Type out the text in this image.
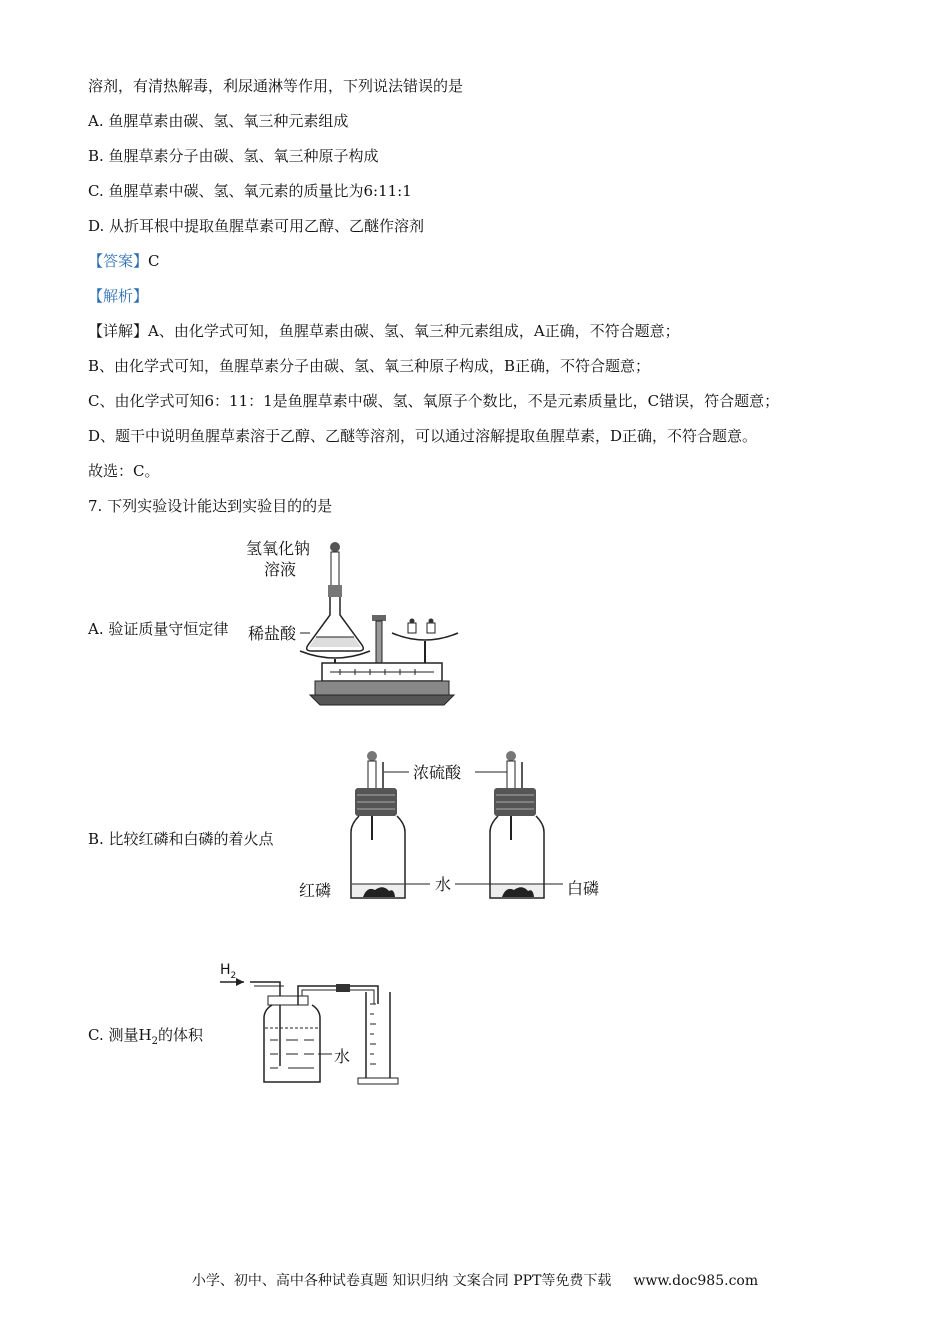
溶剂，有清热解毒，利尿通淋等作用，下列说法错误的是
A. 鱼腥草素由碳、氢、氧三种元素组成
B. 鱼腥草素分子由碳、氢、氧三种原子构成
C. 鱼腥草素中碳、氢、氧元素的质量比为6:11:1
D. 从折耳根中提取鱼腥草素可用乙醇、乙醚作溶剂
【答案】C
【解析】
【详解】A、由化学式可知，鱼腥草素由碳、氢、氧三种元素组成，A正确，不符合题意；
B、由化学式可知，鱼腥草素分子由碳、氢、氧三种原子构成，B正确，不符合题意；
C、由化学式可知6：11：1是鱼腥草素中碳、氢、氧原子个数比，不是元素质量比，C错误，符合题意；
D、题干中说明鱼腥草素溶于乙醇、乙醚等溶剂，可以通过溶解提取鱼腥草素，D正确，不符合题意。
故选：C。
7. 下列实验设计能达到实验目的的是
A. 验证质量守恒定律
氢氧化钠
溶液
稀盐酸
B. 比较红磷和白磷的着火点
浓硫酸
红磷	水	白磷
C. 测量$H_2$的体积
$H_2$
水
小学、初中、高中各种试卷真题 知识归纳 文案合同 PPT等免费下载 www.doc985.com
